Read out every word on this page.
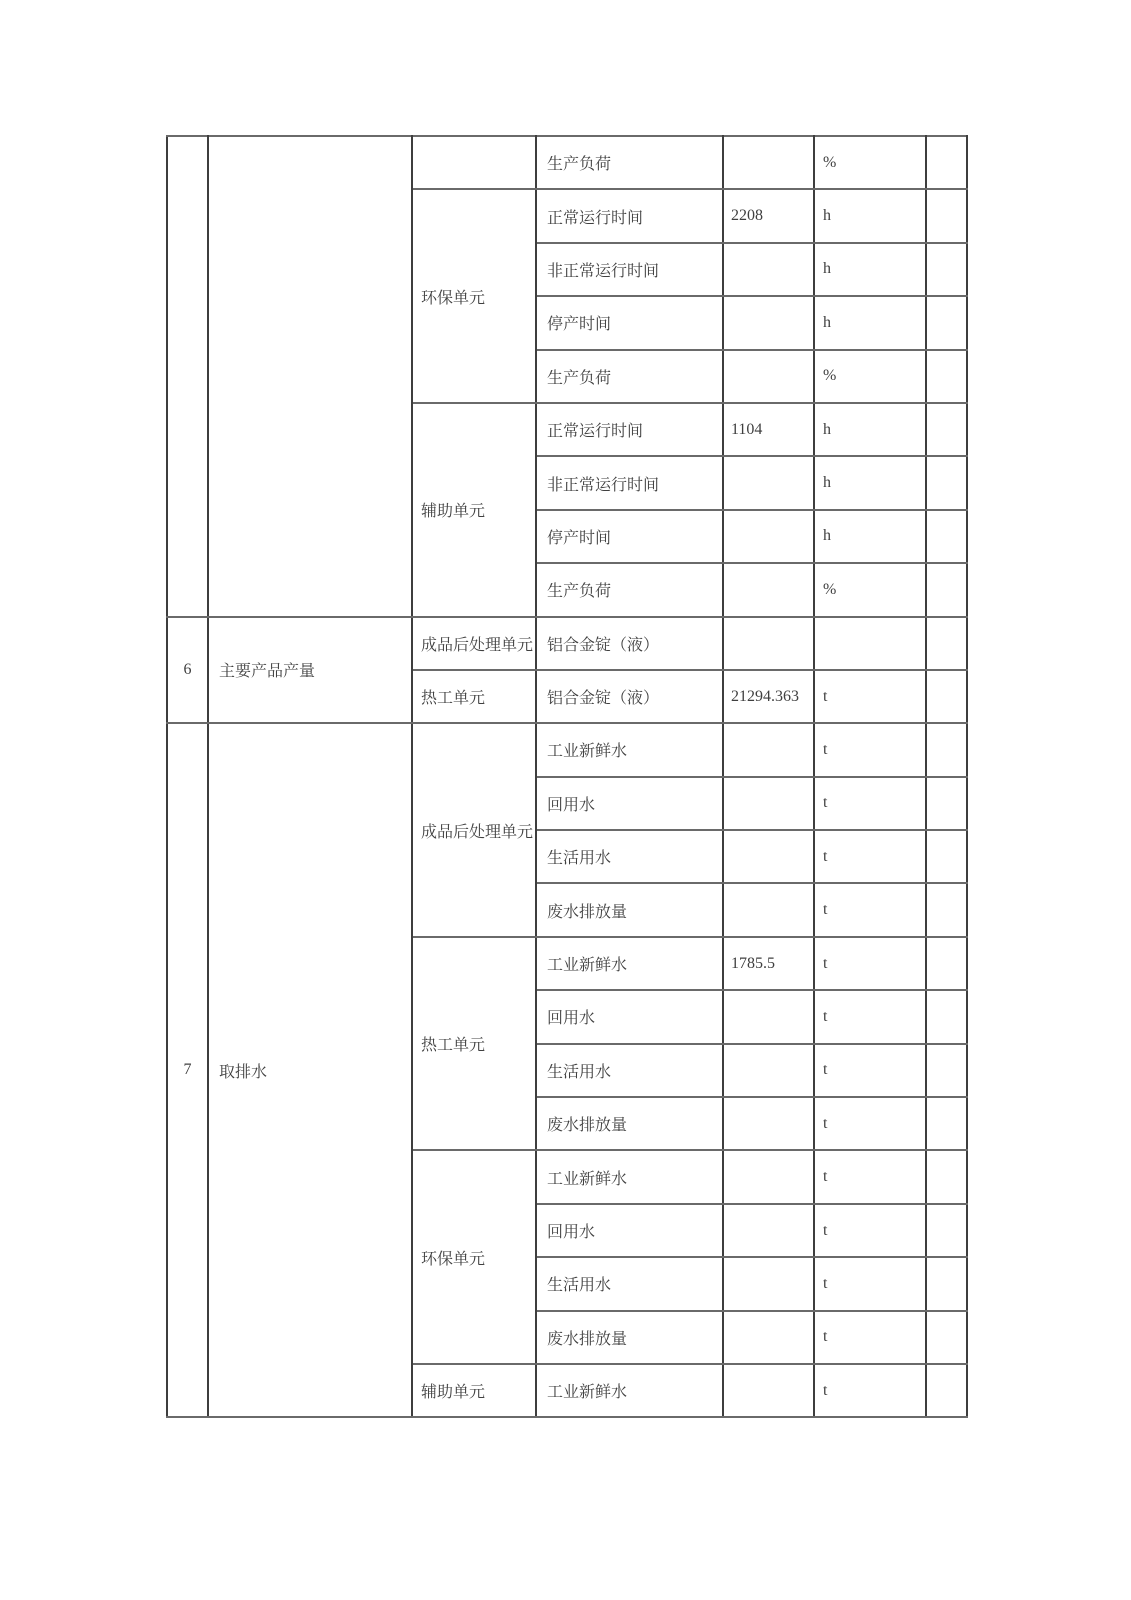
			生产负荷		%	
		环保单元	正常运行时间	2208	h	
			非正常运行时间		h	
			停产时间		h	
			生产负荷		%	
		辅助单元	正常运行时间	1104	h	
			非正常运行时间		h	
			停产时间		h	
			生产负荷		%	
6	主要产品产量	成品后处理单元	铝合金锭（液）			
		热工单元	铝合金锭（液）	21294.363	t	
7	取排水	成品后处理单元	工业新鲜水		t	
			回用水		t	
			生活用水		t	
			废水排放量		t	
		热工单元	工业新鲜水	1785.5	t	
			回用水		t	
			生活用水		t	
			废水排放量		t	
		环保单元	工业新鲜水		t	
			回用水		t	
			生活用水		t	
			废水排放量		t	
		辅助单元	工业新鲜水		t	
